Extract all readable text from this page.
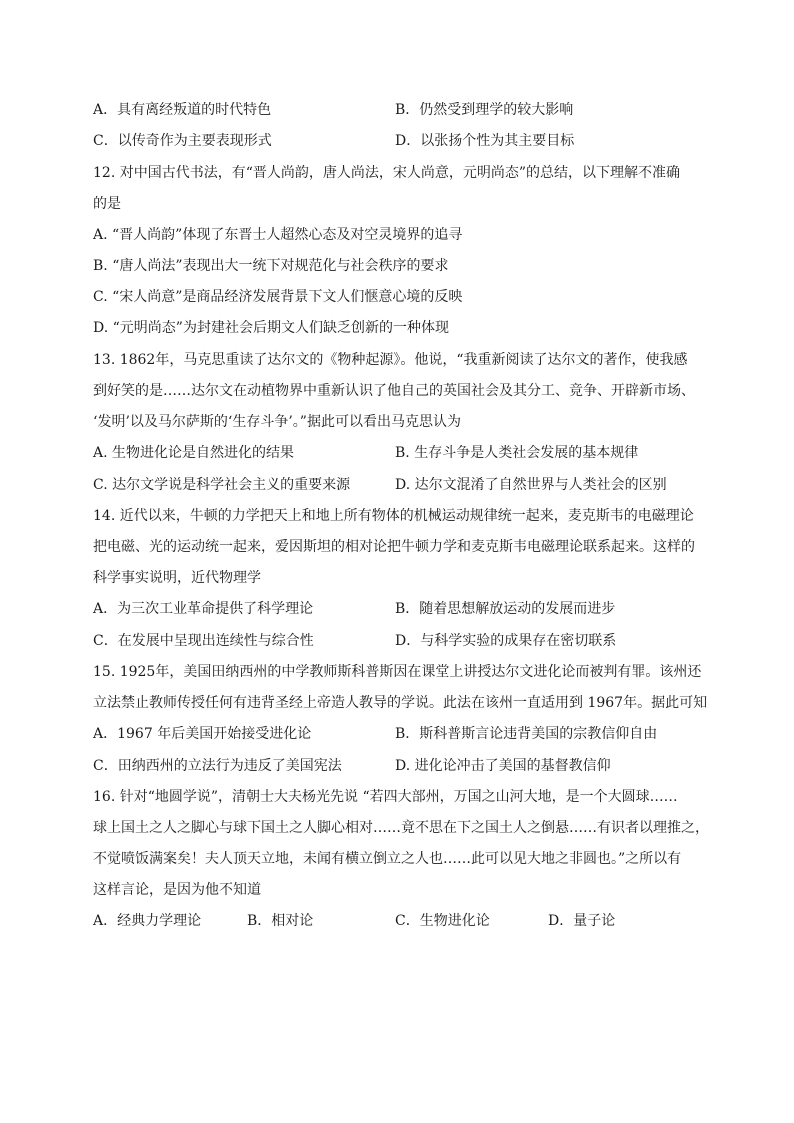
A．具有离经叛道的时代特色	B．仍然受到理学的较大影响
C．以传奇作为主要表现形式	D．以张扬个性为其主要目标
12. 对中国古代书法，有“晋人尚韵，唐人尚法，宋人尚意，元明尚态”的总结，以下理解不准确
的是
A. “晋人尚韵”体现了东晋士人超然心态及对空灵境界的追寻
B. “唐人尚法”表现出大一统下对规范化与社会秩序的要求
C. “宋人尚意”是商品经济发展背景下文人们惬意心境的反映
D. “元明尚态”为封建社会后期文人们缺乏创新的一种体现
13. 1862年，马克思重读了达尔文的《物种起源》。他说，“我重新阅读了达尔文的著作，使我感
到好笑的是……达尔文在动植物界中重新认识了他自己的英国社会及其分工、竞争、开辟新市场、
‘发明’以及马尔萨斯的‘生存斗争’。”据此可以看出马克思认为
A. 生物进化论是自然进化的结果	B. 生存斗争是人类社会发展的基本规律
C. 达尔文学说是科学社会主义的重要来源	D. 达尔文混淆了自然世界与人类社会的区别
14. 近代以来，牛顿的力学把天上和地上所有物体的机械运动规律统一起来，麦克斯韦的电磁理论
把电磁、光的运动统一起来，爱因斯坦的相对论把牛顿力学和麦克斯韦电磁理论联系起来。这样的
科学事实说明，近代物理学
A．为三次工业革命提供了科学理论	B．随着思想解放运动的发展而进步
C．在发展中呈现出连续性与综合性	D．与科学实验的成果存在密切联系
15. 1925年，美国田纳西州的中学教师斯科普斯因在课堂上讲授达尔文进化论而被判有罪。该州还
立法禁止教师传授任何有违背圣经上帝造人教导的学说。此法在该州一直适用到 1967年。据此可知
A．1967 年后美国开始接受进化论	B．斯科普斯言论违背美国的宗教信仰自由
C．田纳西州的立法行为违反了美国宪法	D. 进化论冲击了美国的基督教信仰
16. 针对“地圆学说”，清朝士大夫杨光先说 “若四大部州，万国之山河大地，是一个大圆球……
球上国土之人之脚心与球下国土之人脚心相对……竟不思在下之国土人之倒悬……有识者以理推之，
不觉喷饭满案矣！夫人顶天立地，未闻有横立倒立之人也……此可以见大地之非圆也。”之所以有
这样言论，是因为他不知道
A．经典力学理论	B．相对论	C．生物进化论	D．量子论
